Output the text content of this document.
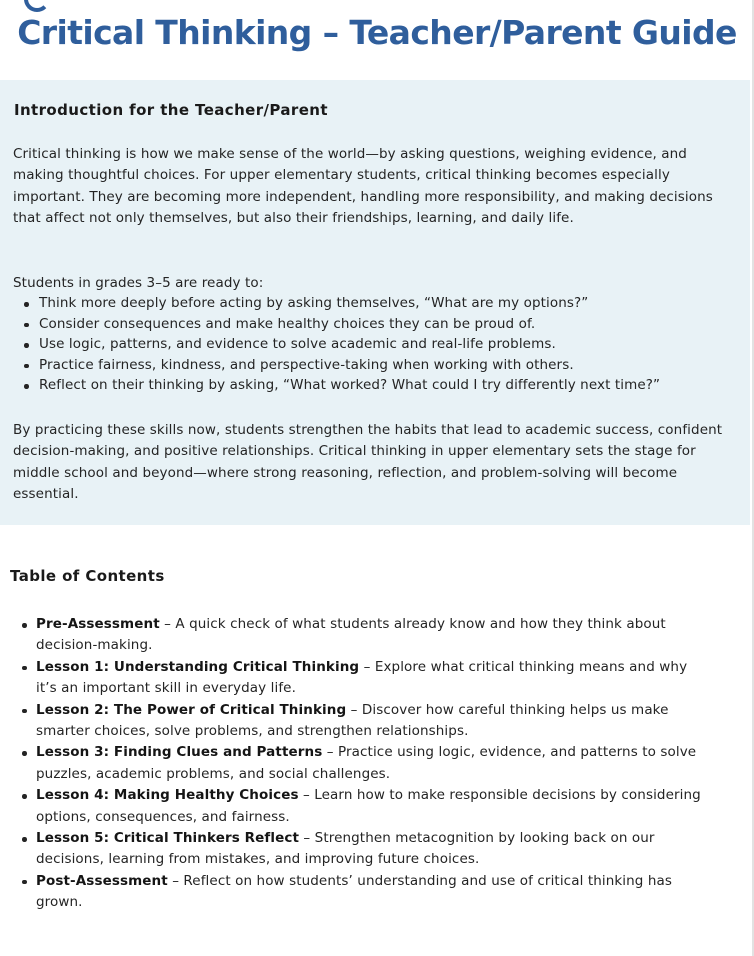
Critical Thinking – Teacher/Parent Guide
Introduction for the Teacher/Parent

Critical thinking is how we make sense of the world—by asking questions, weighing evidence, and making thoughtful choices. For upper elementary students, critical thinking becomes especially important. They are becoming more independent, handling more responsibility, and making decisions that affect not only themselves, but also their friendships, learning, and daily life.

Students in grades 3–5 are ready to:

Think more deeply before acting by asking themselves, “What are my options?”
Consider consequences and make healthy choices they can be proud of.
Use logic, patterns, and evidence to solve academic and real-life problems.
Practice fairness, kindness, and perspective-taking when working with others.
Reflect on their thinking by asking, “What worked? What could I try differently next time?”

By practicing these skills now, students strengthen the habits that lead to academic success, confident decision-making, and positive relationships. Critical thinking in upper elementary sets the stage for middle school and beyond—where strong reasoning, reflection, and problem-solving will become essential.

Table of Contents
Pre-Assessment – A quick check of what students already know and how they think about decision-making.
Lesson 1: Understanding Critical Thinking – Explore what critical thinking means and why it’s an important skill in everyday life.
Lesson 2: The Power of Critical Thinking – Discover how careful thinking helps us make smarter choices, solve problems, and strengthen relationships.
Lesson 3: Finding Clues and Patterns – Practice using logic, evidence, and patterns to solve puzzles, academic problems, and social challenges.
Lesson 4: Making Healthy Choices – Learn how to make responsible decisions by considering options, consequences, and fairness.
Lesson 5: Critical Thinkers Reflect – Strengthen metacognition by looking back on our decisions, learning from mistakes, and improving future choices.
Post-Assessment – Reflect on how students’ understanding and use of critical thinking has grown.
